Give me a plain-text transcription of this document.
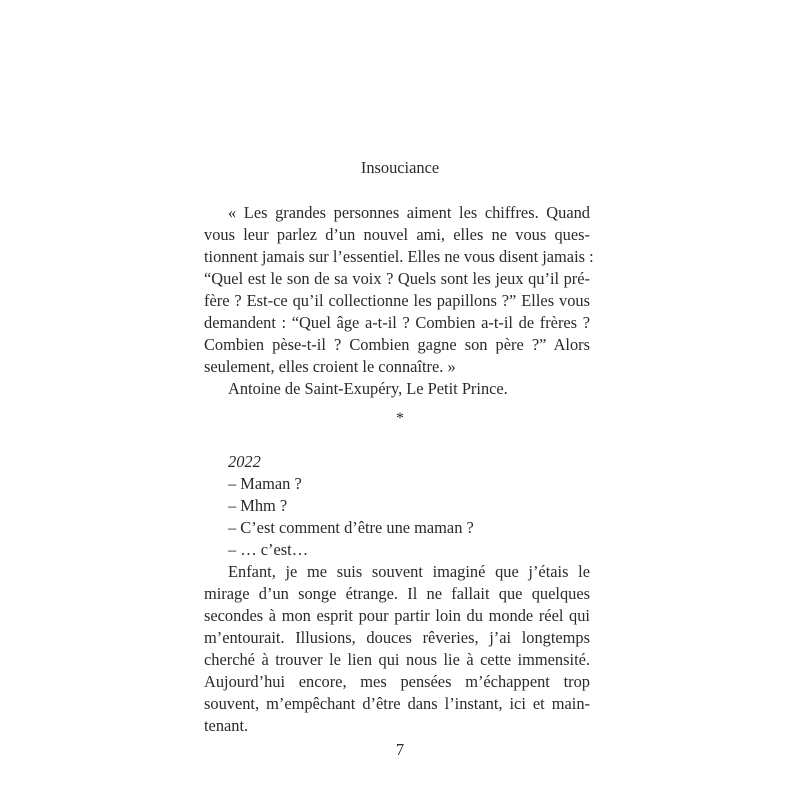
Insouciance
« Les grandes personnes aiment les chiffres. Quand
vous leur parlez d’un nouvel ami, elles ne vous ques-
tionnent jamais sur l’essentiel. Elles ne vous disent jamais :
“Quel est le son de sa voix ? Quels sont les jeux qu’il pré-
fère ? Est-ce qu’il collectionne les papillons ?” Elles vous
demandent : “Quel âge a-t-il ? Combien a-t-il de frères ?
Combien pèse-t-il ? Combien gagne son père ?” Alors
seulement, elles croient le connaître. »
Antoine de Saint-Exupéry, Le Petit Prince.
*
2022
– Maman ?
– Mhm ?
– C’est comment d’être une maman ?
– … c’est…
Enfant, je me suis souvent imaginé que j’étais le
mirage d’un songe étrange. Il ne fallait que quelques
secondes à mon esprit pour partir loin du monde réel qui
m’entourait. Illusions, douces rêveries, j’ai longtemps
cherché à trouver le lien qui nous lie à cette immensité.
Aujourd’hui encore, mes pensées m’échappent trop
souvent, m’empêchant d’être dans l’instant, ici et main-
tenant.
7
